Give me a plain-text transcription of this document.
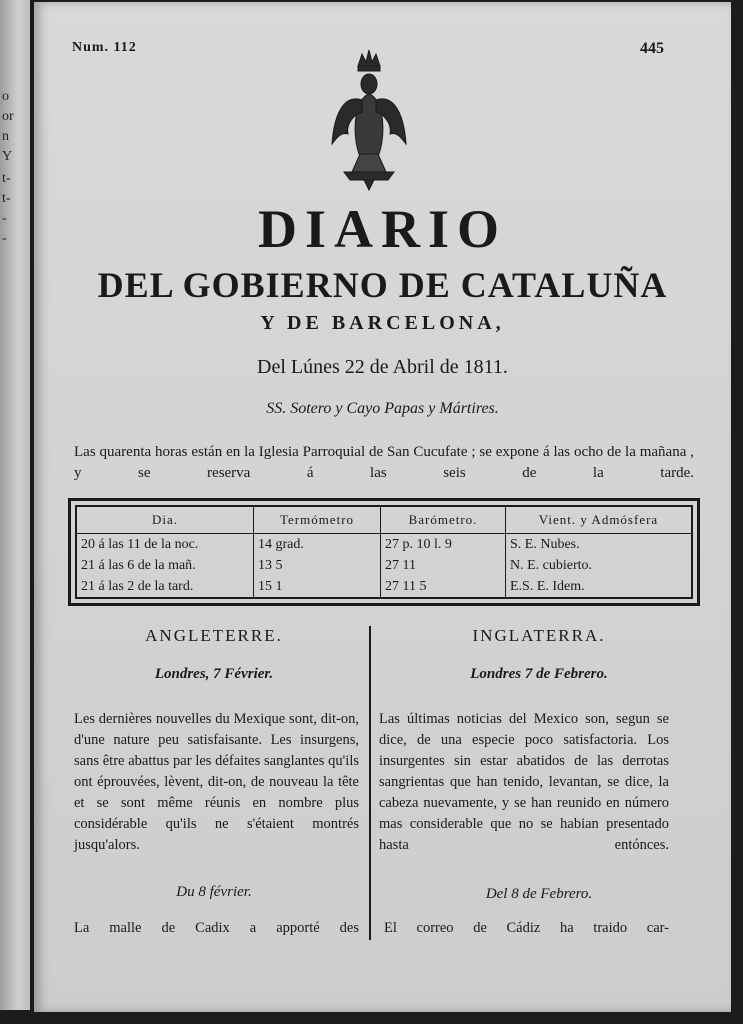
o
or
n
Y
t-
t-
-
-
Num. 112	445
DIARIO
DEL GOBIERNO DE CATALUÑA
Y DE BARCELONA,
Del Lúnes 22 de Abril de 1811.
SS. Sotero y Cayo Papas y Mártires.
Las quarenta horas están en la Iglesia Parroquial de San Cucufate ; se expone á las ocho de la mañana , y se reserva á las seis de la tarde.
Dia.	Termómetro	Barómetro.	Vient. y Admósfera
20 á las 11 de la noc.	14 grad.	27 p. 10 l. 9	S. E. Nubes.
21 á las 6 de la mañ.	13 5	27 11	N. E. cubierto.
21 á las 2 de la tard.	15 1	27 11 5	E.S. E. Idem.
ANGLETERRE.
Londres, 7 Février.
Les dernières nouvelles du Mexique sont, dit-on, d'une nature peu satisfaisante. Les insurgens, sans être abattus par les défaites sanglantes qu'ils ont éprouvées, lèvent, dit-on, de nouveau la tête et se sont même réunis en nombre plus considérable qu'ils ne s'étaient montrés jusqu'alors.
Du 8 février.
La malle de Cadix a apporté des
INGLATERRA.
Londres 7 de Febrero.
Las últimas noticias del Mexico son, segun se dice, de una especie poco satisfactoria. Los insurgentes sin estar abatidos de las derrotas sangrientas que han tenido, levantan, se dice, la cabeza nuevamente, y se han reunido en número mas considerable que no se habian presentado hasta entónces.
Del 8 de Febrero.
El correo de Cádiz ha traido car-
